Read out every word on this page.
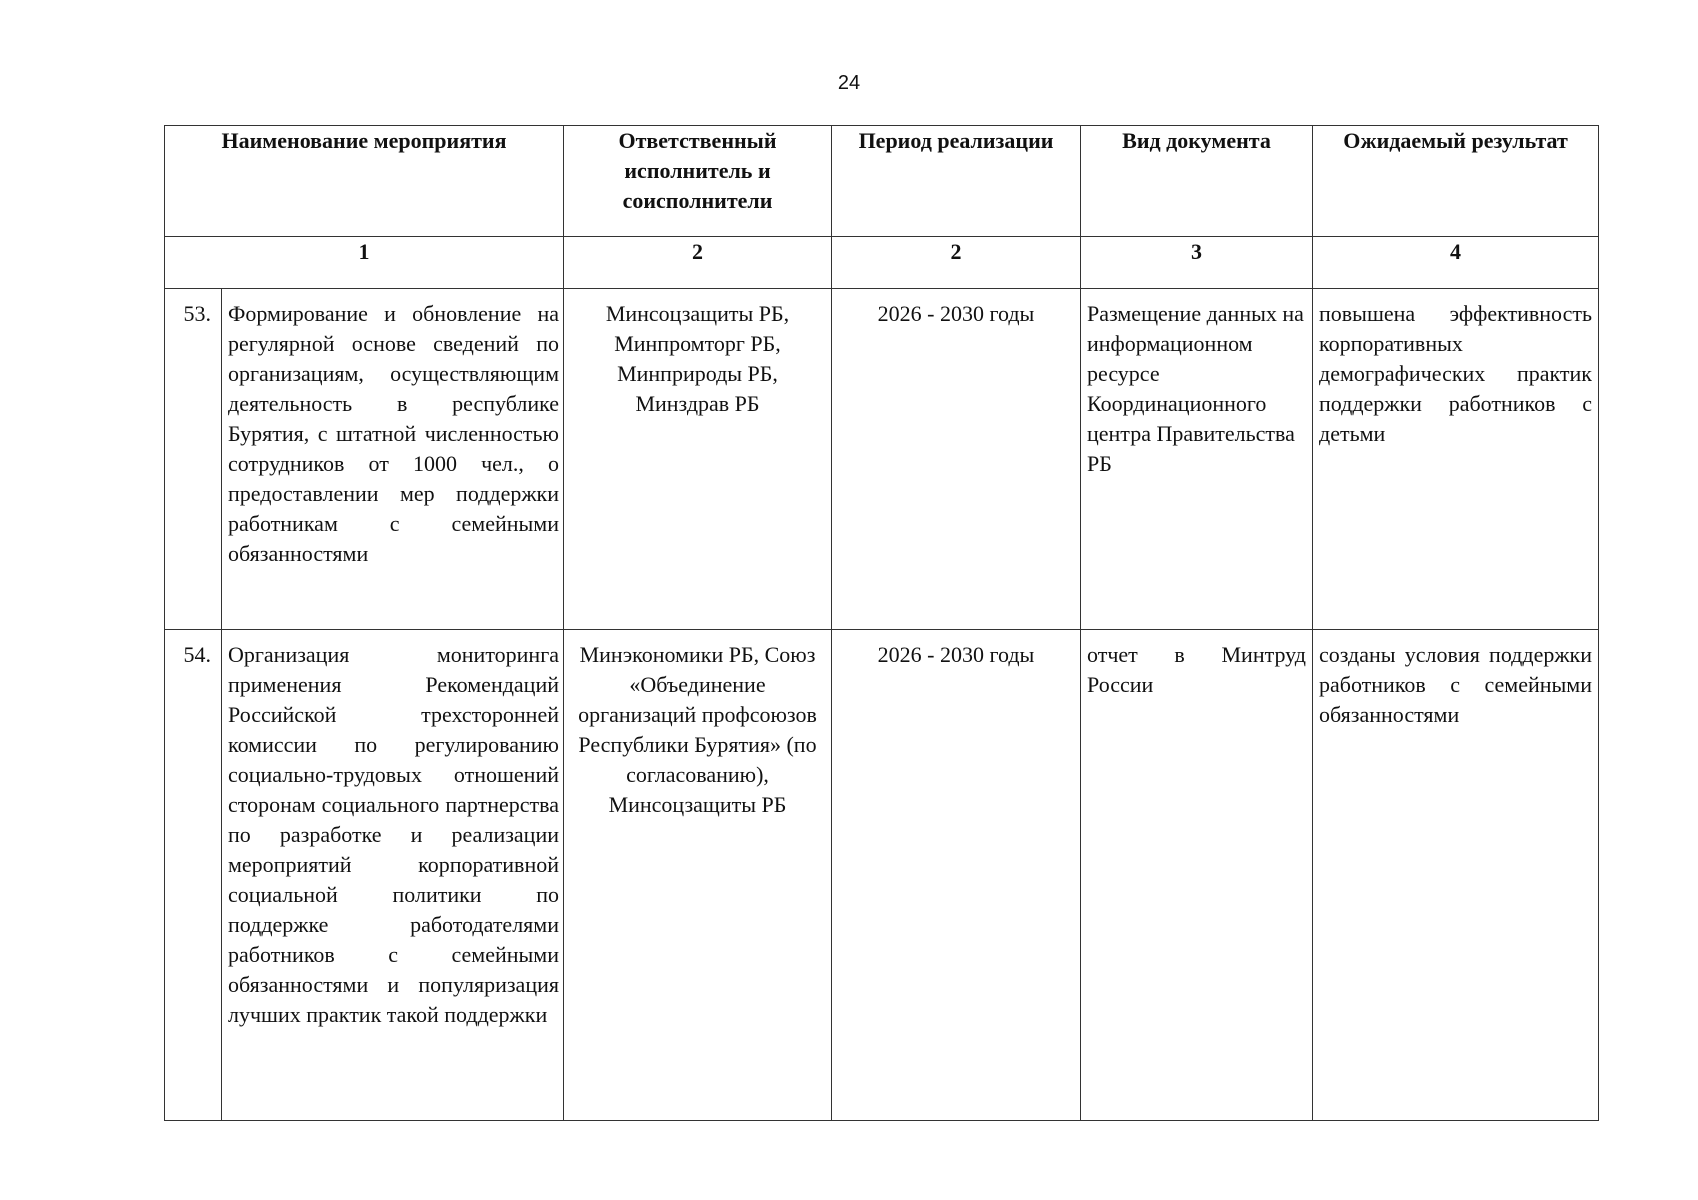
24
Наименование мероприятия		Ответственный исполнитель и соисполнители	Период реализации	Вид документа	Ожидаемый результат
1		2	2	3	4
53.	Формирование и обновление на регулярной основе сведений по организациям, осуществляющим деятельность в республике Бурятия, с штатной численностью сотрудников от 1000 чел., о предоставлении мер поддержки работникам с семейными обязанностями	Минсоцзащиты РБ, Минпромторг РБ, Минприроды РБ, Минздрав РБ	2026 - 2030 годы	Размещение данных на информационном ресурсе Координационного центра Правительства РБ	повышена эффективность корпоративных демографических практик поддержки работников с детьми
54.	Организация мониторинга применения Рекомендаций Российской трехсторонней комиссии по регулированию социально-трудовых отношений сторонам социального партнерства по разработке и реализации мероприятий корпоративной социальной политики по поддержке работодателями работников с семейными обязанностями и популяризация лучших практик такой поддержки	Минэкономики РБ, Союз «Объединение организаций профсоюзов Республики Бурятия» (по согласованию), Минсоцзащиты РБ	2026 - 2030 годы	отчет в Минтруд России	созданы условия поддержки работников с семейными обязанностями
